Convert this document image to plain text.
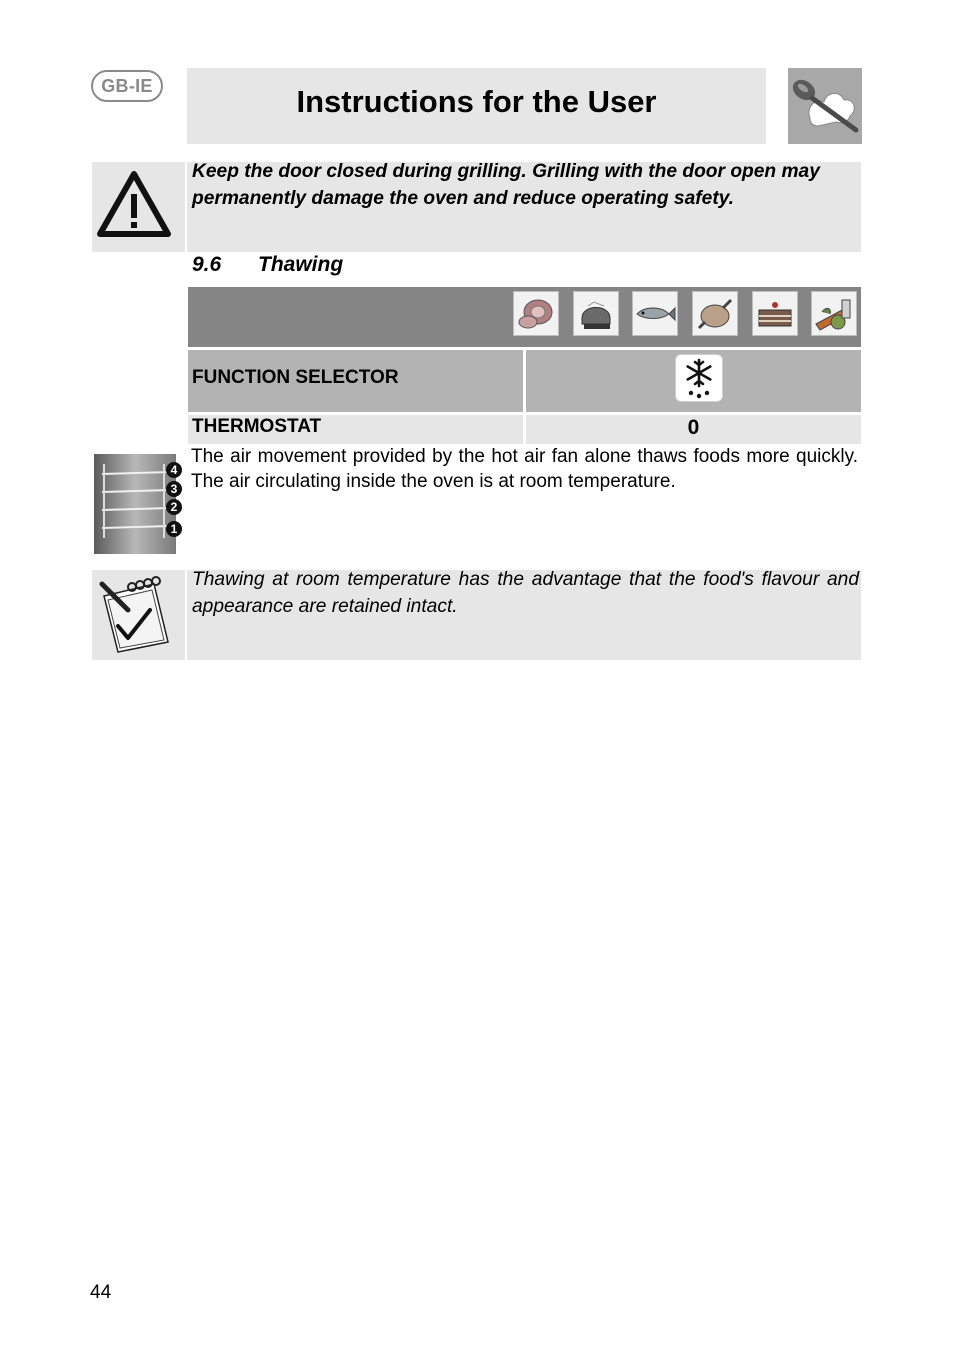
GB-IE	Instructions for the User
Keep the door closed during grilling. Grilling with the door open may permanently damage the oven and reduce operating safety.
9.6 Thawing
FUNCTION SELECTOR
THERMOSTAT	0
4
3
2
1
The air movement provided by the hot air fan alone thaws foods more quickly. The air circulating inside the oven is at room temperature.
Thawing at room temperature has the advantage that the food's flavour and appearance are retained intact.
44
